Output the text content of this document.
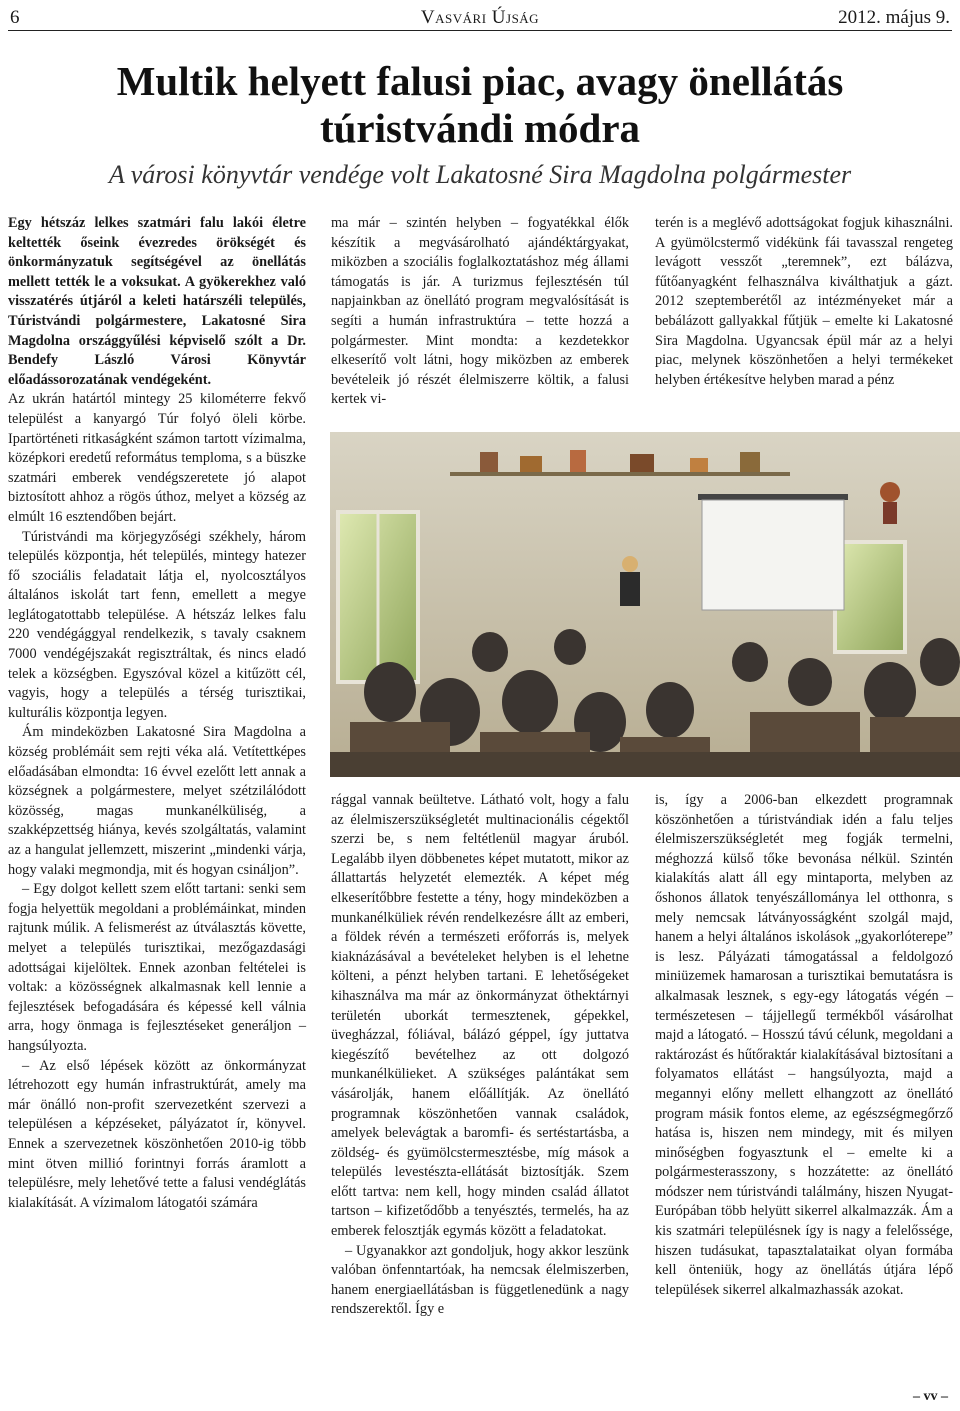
6	Vasvári Újság	2012. május 9.
Multik helyett falusi piac, avagy önellátás
túristvándi módra
A városi könyvtár vendége volt Lakatosné Sira Magdolna polgármester

Egy hétszáz lelkes szatmári falu lakói életre keltették őseink évezredes örökségét és önkormányzatuk segítségével az önellátás mellett tették le a voksukat. A gyökerekhez való visszatérés útjáról a keleti határszéli település, Túristvándi polgármestere, Lakatosné Sira Magdolna országgyűlési képviselő szólt a Dr. Bendefy László Városi Könyvtár előadássorozatának vendégeként.

Az ukrán határtól mintegy 25 kilométerre fekvő települést a kanyargó Túr folyó öleli körbe. Ipartörténeti ritkaságként számon tartott vízimalma, középkori eredetű református temploma, s a büszke szatmári emberek vendégszeretete jó alapot biztosított ahhoz a rögös úthoz, melyet a község az elmúlt 16 esztendőben bejárt.

Túristvándi ma körjegyzőségi székhely, három település központja, hét település, mintegy hatezer fő szociális feladatait látja el, nyolcosztályos általános iskolát tart fenn, emellett a megye leglátogatottabb települése. A hétszáz lelkes falu 220 vendégággyal rendelkezik, s tavaly csaknem 7000 vendégéjszakát regisztráltak, és nincs eladó telek a községben. Egyszóval közel a kitűzött cél, vagyis, hogy a település a térség turisztikai, kulturális központja legyen.

Ám mindeközben Lakatosné Sira Magdolna a község problémáit sem rejti véka alá. Vetítettképes előadásában elmondta: 16 évvel ezelőtt lett annak a községnek a polgármestere, melyet szétzilálódott közösség, magas munkanélküliség, a szakképzettség hiánya, kevés szolgáltatás, valamint az a hangulat jellemzett, miszerint „mindenki várja, hogy valaki megmondja, mit és hogyan csináljon”.

– Egy dolgot kellett szem előtt tartani: senki sem fogja helyettük megoldani a problémáinkat, minden rajtunk múlik. A felismerést az útválasztás követte, melyet a település turisztikai, mezőgazdasági adottságai kijelöltek. Ennek azonban feltételei is voltak: a közösségnek alkalmasnak kell lennie a fejlesztések befogadására és képessé kell válnia arra, hogy önmaga is fejlesztéseket generáljon – hangsúlyozta.

– Az első lépések között az önkormányzat létrehozott egy humán infrastruktúrát, amely ma már önálló non-profit szervezetként szervezi a településen a képzéseket, pályázatot ír, könyvel. Ennek a szervezetnek köszönhetően 2010-ig több mint ötven millió forintnyi forrás áramlott a településre, mely lehetővé tette a falusi vendéglátás kialakítását. A vízimalom látogatói számára

ma már – szintén helyben – fogyatékkal élők készítik a megvásárolható ajándéktárgyakat, miközben a szociális foglalkoztatáshoz még állami támogatás is jár. A turizmus fejlesztésén túl napjainkban az önellátó program megvalósítását is segíti a humán infrastruktúra – tette hozzá a polgármester. Mint mondta: a kezdetekkor elkeserítő volt látni, hogy miközben az emberek bevételeik jó részét élelmiszerre költik, a falusi kertek vi-

terén is a meglévő adottságokat fogjuk kihasználni. A gyümölcstermő vidékünk fái tavasszal rengeteg levágott vesszőt „teremnek”, ezt bálázva, fűtőanyagként felhasználva kiválthatjuk a gázt. 2012 szeptemberétől az intézményeket már a bebálázott gallyakkal fűtjük – emelte ki Lakatosné Sira Magdolna. Ugyancsak épül már az a helyi piac, melynek köszönhetően a helyi termékeket helyben értékesítve helyben marad a pénz

rággal vannak beültetve. Látható volt, hogy a falu az élelmiszerszükségletét multinacionális cégektől szerzi be, s nem feltétlenül magyar áruból. Legalább ilyen döbbenetes képet mutatott, mikor az állattartás helyzetét elemezték. A képet még elkeserítőbbre festette a tény, hogy mindeközben a munkanélküliek révén rendelkezésre állt az emberi, a földek révén a természeti erőforrás is, melyek kiaknázásával a bevételeket helyben is el lehetne költeni, a pénzt helyben tartani. E lehetőségeket kihasználva ma már az önkormányzat öthektárnyi területén uborkát termesztenek, gépekkel, üvegházzal, fóliával, bálázó géppel, így juttatva kiegészítő bevételhez az ott dolgozó munkanélkülieket. A szükséges palántákat sem vásárolják, hanem előállítják. Az önellátó programnak köszönhetően vannak családok, amelyek belevágtak a baromfi- és sertéstartásba, a zöldség- és gyümölcstermesztésbe, míg mások a település levestészta-ellátását biztosítják. Szem előtt tartva: nem kell, hogy minden család állatot tartson – kifizetődőbb a tenyésztés, termelés, ha az emberek felosztják egymás között a feladatokat.

– Ugyanakkor azt gondoljuk, hogy akkor leszünk valóban önfenntartóak, ha nemcsak élelmiszerben, hanem energiaellátásban is függetlenedünk a nagy rendszerektől. Így e

is, így a 2006-ban elkezdett programnak köszönhetően a túristvándiak idén a falu teljes élelmiszerszükségletét meg fogják termelni, méghozzá külső tőke bevonása nélkül. Szintén kialakítás alatt áll egy mintaporta, melyben az őshonos állatok tenyészállománya lel otthonra, s mely nemcsak látványosságként szolgál majd, hanem a helyi általános iskolások „gyakorlóterepe” is lesz. Pályázati támogatással a feldolgozó miniüzemek hamarosan a turisztikai bemutatásra is alkalmasak lesznek, s egy-egy látogatás végén – természetesen – tájjellegű termékből vásárolhat majd a látogató. – Hosszú távú célunk, megoldani a raktározást és hűtőraktár kialakításával biztosítani a folyamatos ellátást – hangsúlyozta, majd a megannyi előny mellett elhangzott az önellátó program másik fontos eleme, az egészségmegőrző hatása is, hiszen nem mindegy, mit és milyen minőségben fogyasztunk el – emelte ki a polgármesterasszony, s hozzátette: az önellátó módszer nem túristvándi találmány, hiszen Nyugat-Európában több helyütt sikerrel alkalmazzák. Ám a kis szatmári településnek így is nagy a felelőssége, hiszen tudásukat, tapasztalataikat olyan formába kell önteniük, hogy az önellátás útjára lépő települések sikerrel alkalmazhassák azokat.

– vv –
